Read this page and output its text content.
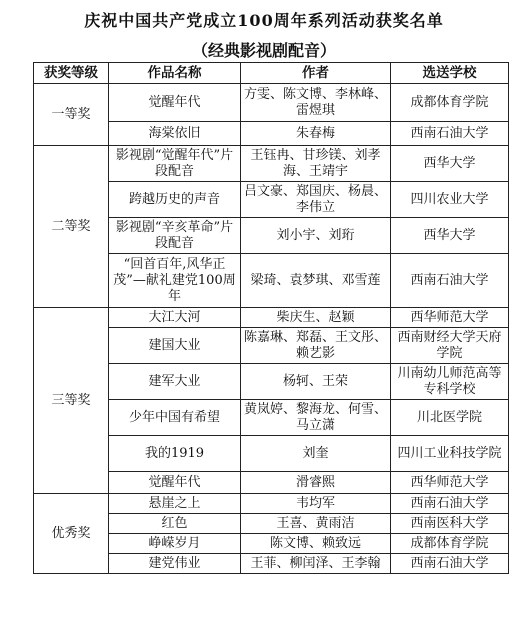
庆祝中国共产党成立100周年系列活动获奖名单
（经典影视剧配音）
获奖等级	作品名称	作者	选送学校
一等奖	觉醒年代	方雯、陈文博、李林峰、雷煜琪	成都体育学院
	海棠依旧	朱春梅	西南石油大学
二等奖	影视剧“觉醒年代”片段配音	王钰冉、甘珍镁、刘孝海、王靖宇	西华大学
	跨越历史的声音	吕文豪、郑国庆、杨晨、李伟立	四川农业大学
	影视剧“辛亥革命”片段配音	刘小宇、刘珩	西华大学
	“回首百年,风华正茂”—献礼建党100周年	梁琦、袁梦琪、邓雪莲	西南石油大学
三等奖	大江大河	柴庆生、赵颖	西华师范大学
	建国大业	陈嘉琳、郑磊、王文彤、赖艺影	西南财经大学天府学院
	建军大业	杨轲、王荣	川南幼儿师范高等专科学校
	少年中国有希望	黄岚婷、黎海龙、何雪、马立潇	川北医学院
	我的1919	刘奎	四川工业科技学院
	觉醒年代	滑睿熙	西华师范大学
优秀奖	悬崖之上	韦均军	西南石油大学
	红色	王喜、黄雨洁	西南医科大学
	峥嵘岁月	陈文博、赖致远	成都体育学院
	建党伟业	王菲、柳闰泽、王李翰	西南石油大学
